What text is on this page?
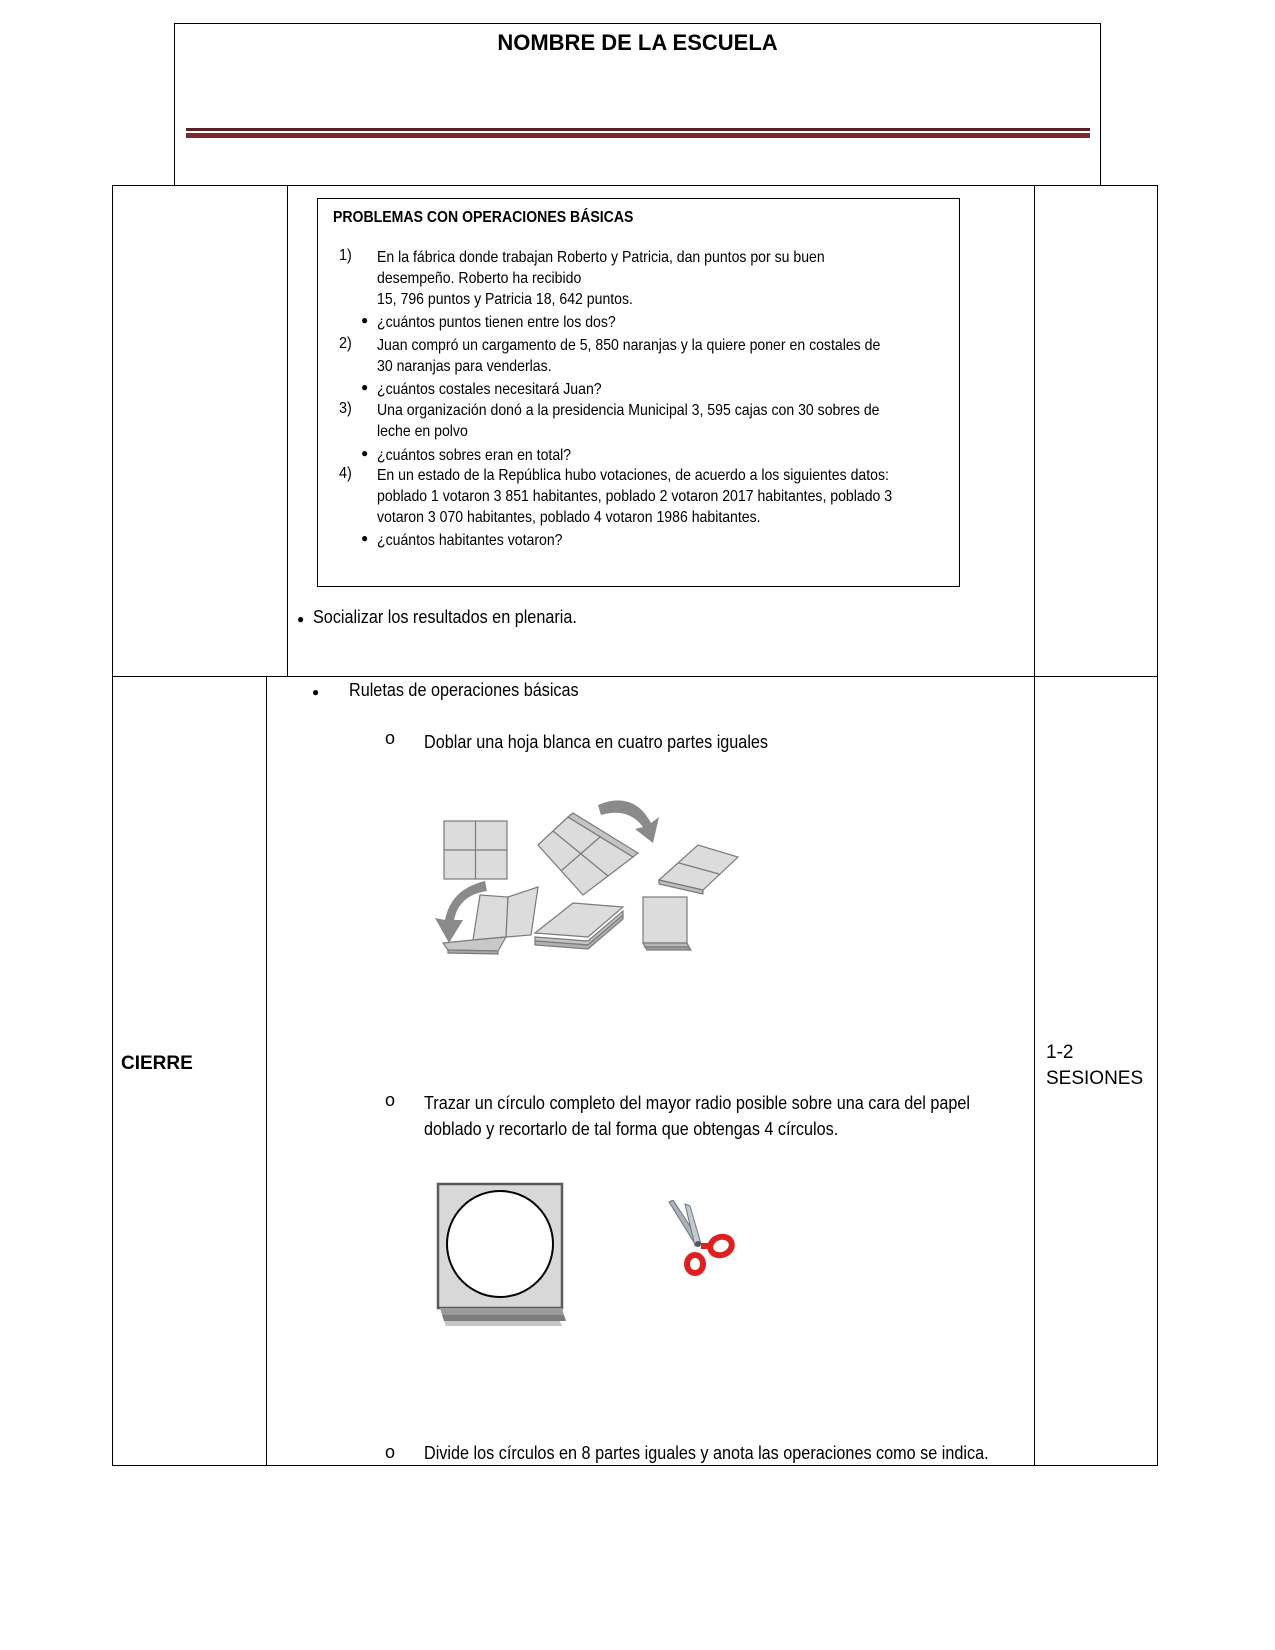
NOMBRE DE LA ESCUELA
PROBLEMAS CON OPERACIONES BÁSICAS
1) En la fábrica donde trabajan Roberto y Patricia, dan puntos por su buen
desempeño. Roberto ha recibido
15, 796 puntos y Patricia 18, 642 puntos.
● ¿cuántos puntos tienen entre los dos?
2) Juan compró un cargamento de 5, 850 naranjas y la quiere poner en costales de
30 naranjas para venderlas.
● ¿cuántos costales necesitará Juan?
3) Una organización donó a la presidencia Municipal 3, 595 cajas con 30 sobres de
leche en polvo
● ¿cuántos sobres eran en total?
4) En un estado de la República hubo votaciones, de acuerdo a los siguientes datos:
poblado 1 votaron 3 851 habitantes, poblado 2 votaron 2017 habitantes, poblado 3
votaron 3 070 habitantes, poblado 4 votaron 1986 habitantes.
● ¿cuántos habitantes votaron?
● Socializar los resultados en plenaria.
CIERRE
1-2
SESIONES
● Ruletas de operaciones básicas
o Doblar una hoja blanca en cuatro partes iguales
o Trazar un círculo completo del mayor radio posible sobre una cara del papel
doblado y recortarlo de tal forma que obtengas 4 círculos.
o Divide los círculos en 8 partes iguales y anota las operaciones como se indica.
